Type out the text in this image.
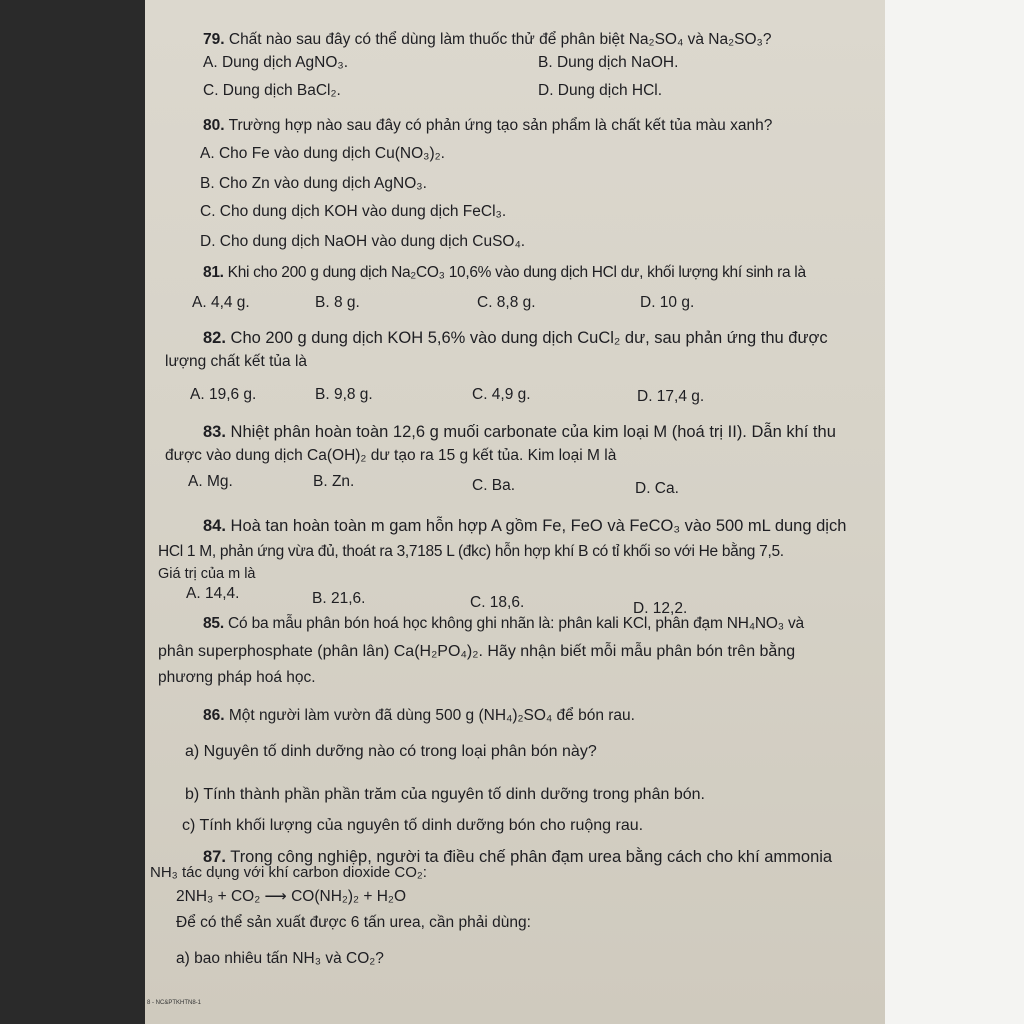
79. Chất nào sau đây có thể dùng làm thuốc thử để phân biệt Na₂SO₄ và Na₂SO₃?
A. Dung dịch AgNO₃.	B. Dung dịch NaOH.
C. Dung dịch BaCl₂.	D. Dung dịch HCl.
80. Trường hợp nào sau đây có phản ứng tạo sản phẩm là chất kết tủa màu xanh?
A. Cho Fe vào dung dịch Cu(NO₃)₂.
B. Cho Zn vào dung dịch AgNO₃.
C. Cho dung dịch KOH vào dung dịch FeCl₃.
D. Cho dung dịch NaOH vào dung dịch CuSO₄.
81. Khi cho 200 g dung dịch Na₂CO₃ 10,6% vào dung dịch HCl dư, khối lượng khí sinh ra là
A. 4,4 g.	B. 8 g.	C. 8,8 g.	D. 10 g.
82. Cho 200 g dung dịch KOH 5,6% vào dung dịch CuCl₂ dư, sau phản ứng thu được
lượng chất kết tủa là
A. 19,6 g.	B. 9,8 g.	C. 4,9 g.	D. 17,4 g.
83. Nhiệt phân hoàn toàn 12,6 g muối carbonate của kim loại M (hoá trị II). Dẫn khí thu
được vào dung dịch Ca(OH)₂ dư tạo ra 15 g kết tủa. Kim loại M là
A. Mg.	B. Zn.	C. Ba.	D. Ca.
84. Hoà tan hoàn toàn m gam hỗn hợp A gồm Fe, FeO và FeCO₃ vào 500 mL dung dịch
HCl 1 M, phản ứng vừa đủ, thoát ra 3,7185 L (đkc) hỗn hợp khí B có tỉ khối so với He bằng 7,5.
Giá trị của m là
A. 14,4.	B. 21,6.	C. 18,6.	D. 12,2.
85. Có ba mẫu phân bón hoá học không ghi nhãn là: phân kali KCl, phân đạm NH₄NO₃ và
phân superphosphate (phân lân) Ca(H₂PO₄)₂. Hãy nhận biết mỗi mẫu phân bón trên bằng
phương pháp hoá học.
86. Một người làm vườn đã dùng 500 g (NH₄)₂SO₄ để bón rau.
a) Nguyên tố dinh dưỡng nào có trong loại phân bón này?
b) Tính thành phần phần trăm của nguyên tố dinh dưỡng trong phân bón.
c) Tính khối lượng của nguyên tố dinh dưỡng bón cho ruộng rau.
87. Trong công nghiệp, người ta điều chế phân đạm urea bằng cách cho khí ammonia
NH₃ tác dụng với khí carbon dioxide CO₂:
2NH₃ + CO₂ ⟶ CO(NH₂)₂ + H₂O
Để có thể sản xuất được 6 tấn urea, cần phải dùng:
a) bao nhiêu tấn NH₃ và CO₂?
8 - NC&PTKHTN8-1
